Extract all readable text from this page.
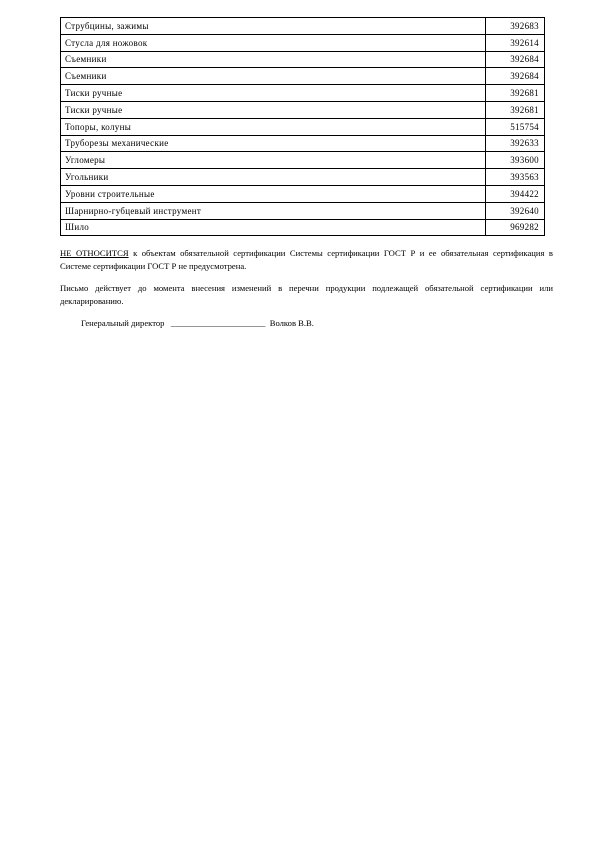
Струбцины, зажимы	392683
Стусла для ножовок	392614
Съемники	392684
Съемники	392684
Тиски ручные	392681
Тиски ручные	392681
Топоры, колуны	515754
Труборезы механические	392633
Угломеры	393600
Угольники	393563
Уровни строительные	394422
Шарнирно-губцевый инструмент	392640
Шило	969282
НЕ ОТНОСИТСЯ к объектам обязательной сертификации Системы сертификации ГОСТ Р и ее обязательная сертификация в Системе сертификации ГОСТ Р не предусмотрена.
Письмо действует до момента внесения изменений в перечни продукции подлежащей обязательной сертификации или декларированию.
Генеральный директор ______________________ Волков В.В.
